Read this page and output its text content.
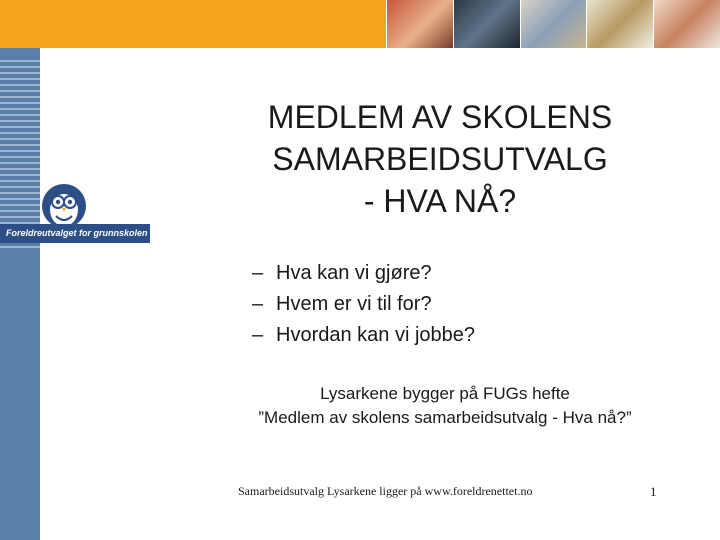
Foreldreutvalget for grunnskolen
MEDLEM AV SKOLENS
SAMARBEIDSUTVALG
- HVA NÅ?
– Hva kan vi gjøre?
– Hvem er vi til for?
– Hvordan kan vi jobbe?
Lysarkene bygger på FUGs hefte
”Medlem av skolens samarbeidsutvalg - Hva nå?”
Samarbeidsutvalg Lysarkene ligger på www.foreldrenettet.no	1
